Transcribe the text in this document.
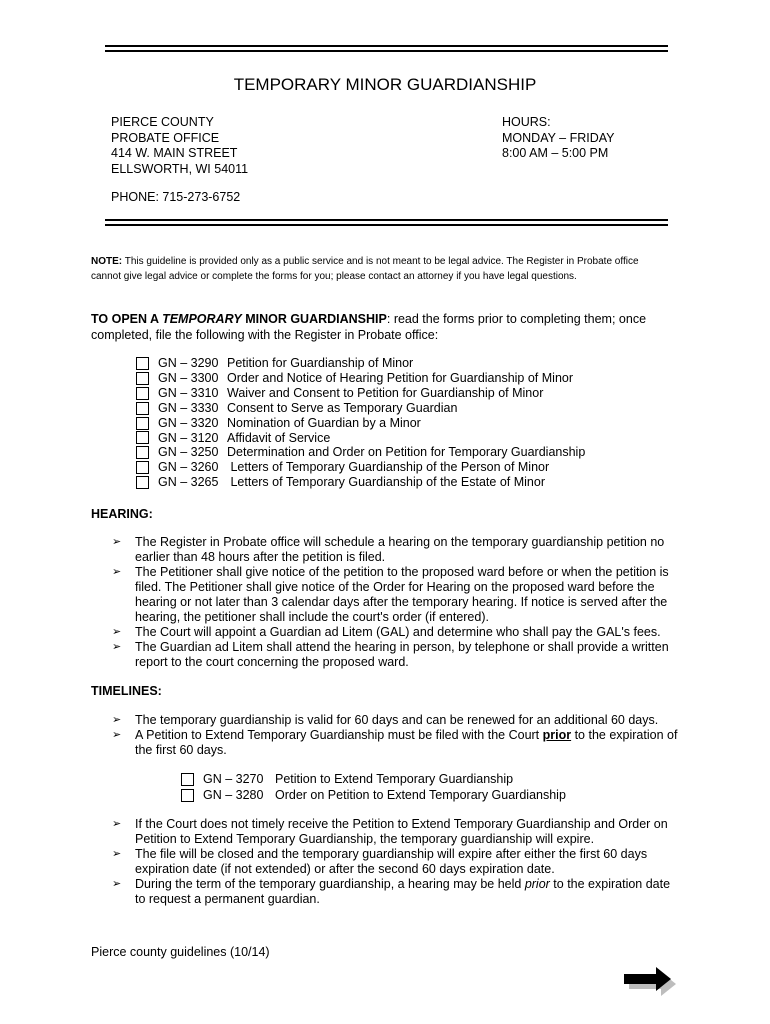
TEMPORARY MINOR GUARDIANSHIP
PIERCE COUNTY
PROBATE OFFICE
414 W. MAIN STREET
ELLSWORTH, WI 54011
HOURS:
MONDAY – FRIDAY
8:00 AM – 5:00 PM
PHONE: 715-273-6752
NOTE: This guideline is provided only as a public service and is not meant to be legal advice. The Register in Probate office cannot give legal advice or complete the forms for you; please contact an attorney if you have legal questions.
TO OPEN A TEMPORARY MINOR GUARDIANSHIP: read the forms prior to completing them; once completed, file the following with the Register in Probate office:
GN – 3290 Petition for Guardianship of Minor
GN – 3300 Order and Notice of Hearing Petition for Guardianship of Minor
GN – 3310 Waiver and Consent to Petition for Guardianship of Minor
GN – 3330 Consent to Serve as Temporary Guardian
GN – 3320 Nomination of Guardian by a Minor
GN – 3120 Affidavit of Service
GN – 3250 Determination and Order on Petition for Temporary Guardianship
GN – 3260 Letters of Temporary Guardianship of the Person of Minor
GN – 3265 Letters of Temporary Guardianship of the Estate of Minor
HEARING:
➢	The Register in Probate office will schedule a hearing on the temporary guardianship petition no earlier than 48 hours after the petition is filed.
➢	The Petitioner shall give notice of the petition to the proposed ward before or when the petition is filed. The Petitioner shall give notice of the Order for Hearing on the proposed ward before the hearing or not later than 3 calendar days after the temporary hearing. If notice is served after the hearing, the petitioner shall include the court's order (if entered).
➢	The Court will appoint a Guardian ad Litem (GAL) and determine who shall pay the GAL's fees.
➢	The Guardian ad Litem shall attend the hearing in person, by telephone or shall provide a written report to the court concerning the proposed ward.
TIMELINES:
➢	The temporary guardianship is valid for 60 days and can be renewed for an additional 60 days.
➢	A Petition to Extend Temporary Guardianship must be filed with the Court prior to the expiration of the first 60 days.
GN – 3270 Petition to Extend Temporary Guardianship
GN – 3280 Order on Petition to Extend Temporary Guardianship
➢	If the Court does not timely receive the Petition to Extend Temporary Guardianship and Order on Petition to Extend Temporary Guardianship, the temporary guardianship will expire.
➢	The file will be closed and the temporary guardianship will expire after either the first 60 days expiration date (if not extended) or after the second 60 days expiration date.
➢	During the term of the temporary guardianship, a hearing may be held prior to the expiration date to request a permanent guardian.
Pierce county guidelines (10/14)
